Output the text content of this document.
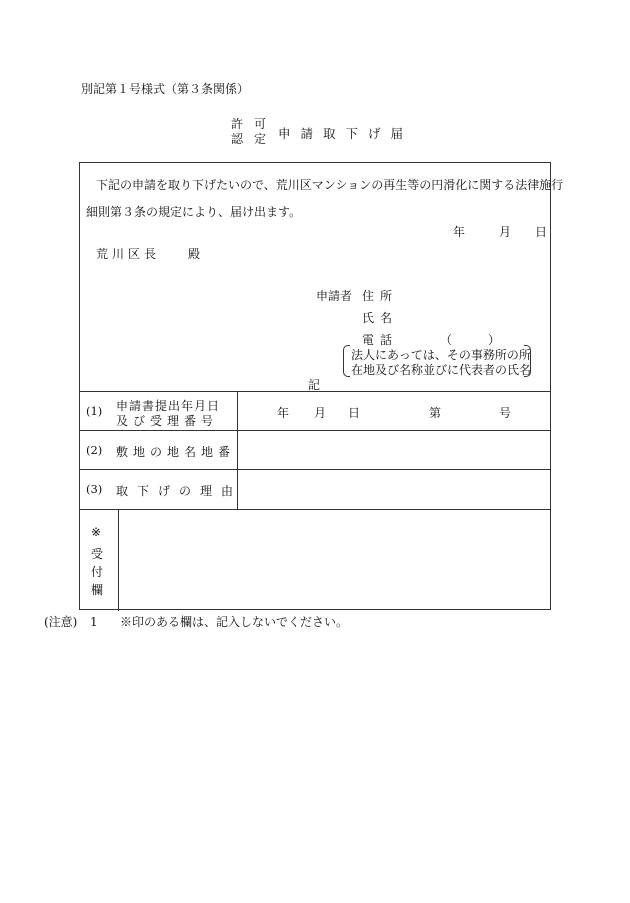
別記第１号様式（第３条関係）
許可
認定 申請取下げ届
下記の申請を取り下げたいので、荒川区マンションの再生等の円滑化に関する法律施行
細則第３条の規定により、届け出ます。
年	月 日
荒川区長 殿
申請者 住所
氏名
電話	（　　　）
法人にあっては、その事務所の所
在地及び名称並びに代表者の氏名
記
(1) 申請書提出年月日
及び受理番号
年 月 日	第	号
(2) 敷地の地名地番
(3) 取下げの理由
※
受
付
欄
(注意) 1 ※印のある欄は、記入しないでください。
